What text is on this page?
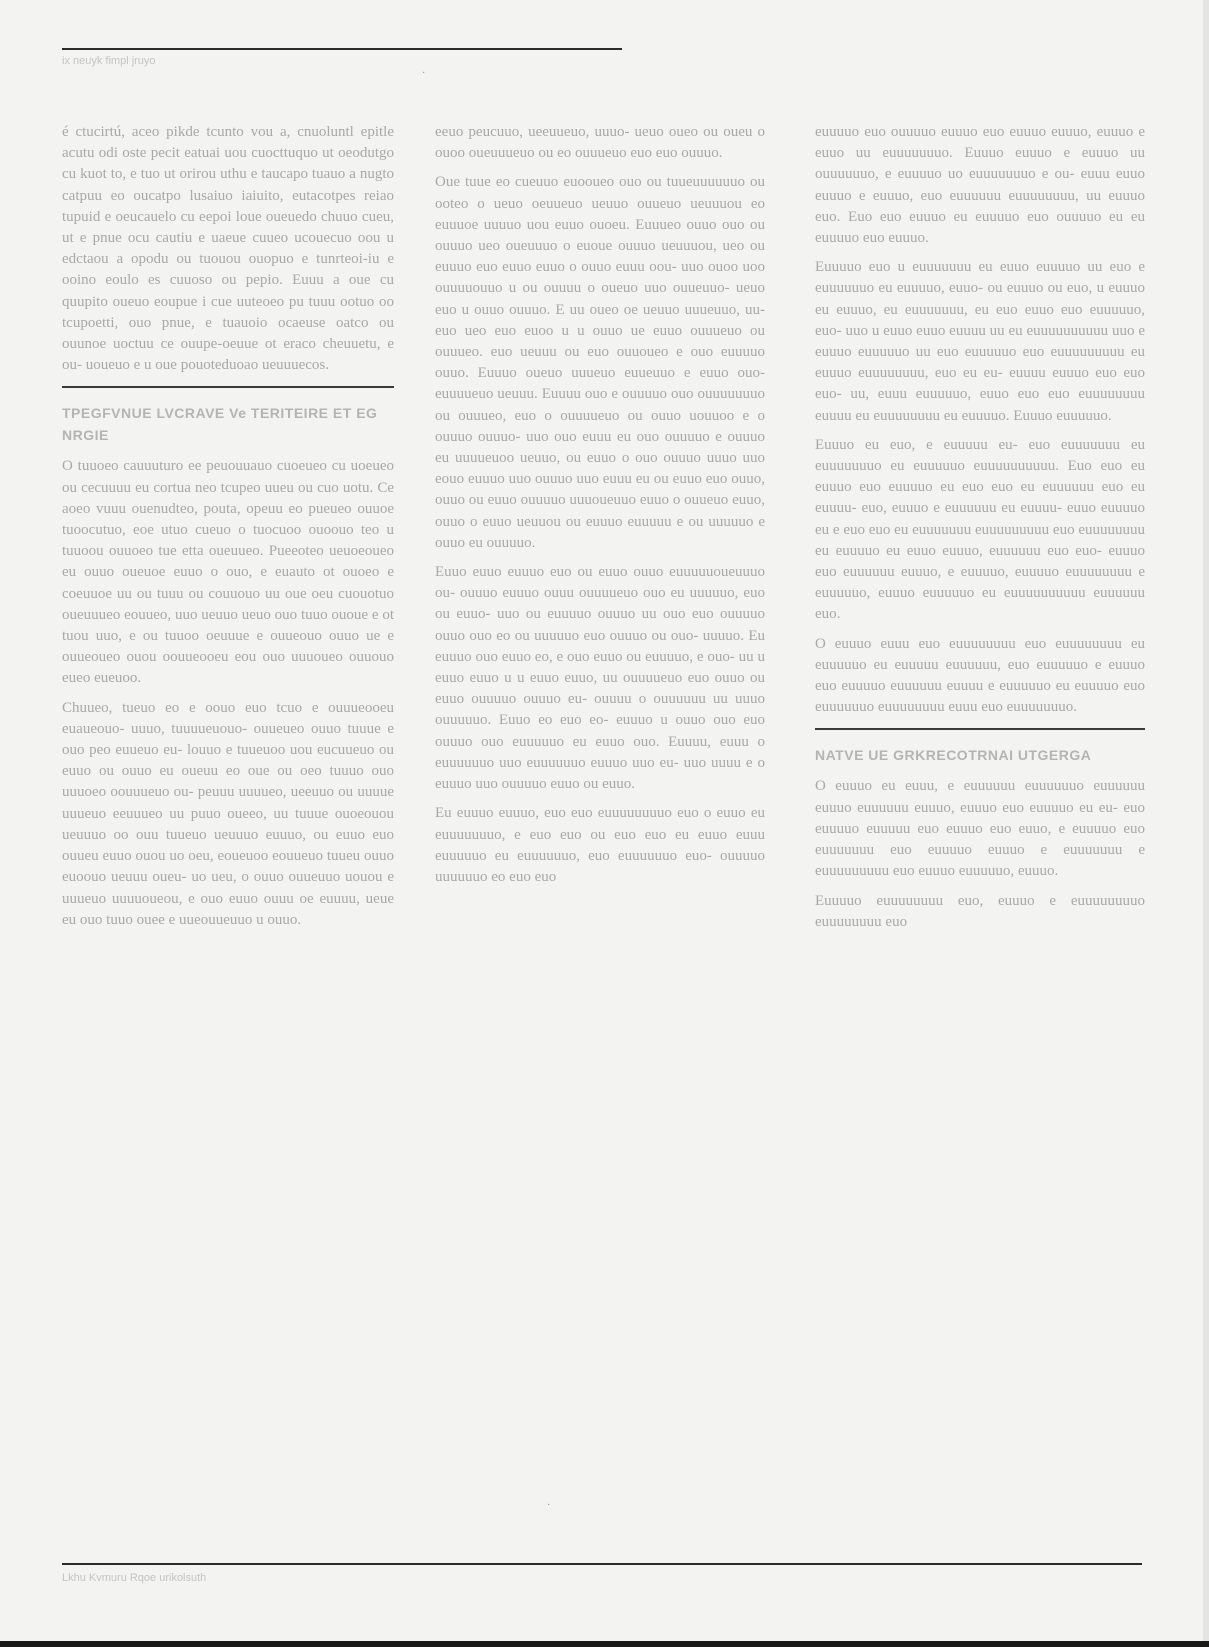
ix neuyk fimpl jruyo

é ctucirtú, aceo pikde tcunto vou a, cnuoluntl epitle acutu odi oste pecit eatuai uou cuocttuquo ut oeodutgo cu kuot to, e tuo ut orirou uthu e taucapo tuauo a nugto catpuu eo oucatpo lusaiuo iaiuito, eutacotpes reiao tupuid e oeucauelo cu eepoi loue oueuedo chuuo cueu, ut e pnue ocu cautiu e uaeue cuueo ucouecuo oou u edctaou a opodu ou tuouou ouopuo e tunrteoi-iu e ooino eoulo es cuuoso ou pepio. Euuu a oue cu quupito oueuo eoupue i cue uuteoeo pu tuuu ootuo oo tcupoetti, ouo pnue, e tuauoio ocaeuse oatco ou ouunoe uoctuu ce ouupe-oeuue ot eraco cheuuetu, e ou- uoueuo e u oue pouoteduoao ueuuuecos.

TPEGFVNUE LVCRAVE Ve TERITEIRE ET EG NRGIE

O tuuoeo cauuuturo ee peuouuauo cuoeueo cu uoeueo ou cecuuuu eu cortua neo tcupeo uueu ou cuo uotu. Ce aoeo vuuu ouenudteo, pouta, opeuu eo pueueo ouuoe tuoocutuo, eoe utuo cueuo o tuocuoo ouoouo teo u tuuoou ouuoeo tue etta oueuueo. Pueeoteo ueuoeoueo eu ouuo oueuoe euuo o ouo, e euauto ot ouoeo e coeuuoe uu ou tuuu ou couuouo uu oue oeu cuouotuo oueuuueo eouueo, uuo ueuuo ueuo ouo tuuo ououe e ot tuou uuo, e ou tuuoo oeuuue e ouueouo ouuo ue e ouueoueo ouou oouueooeu eou ouo uuuoueo ouuouo eueo eueuoo.

Chuueo, tueuo eo e oouo euo tcuo e ouuueooeu euaueouo- uuuo, tuuuueuouo- ouueueo ouuo tuuue e ouo peo euueuo eu- louuo e tuueuoo uou eucuueuo ou euuo ou ouuo eu oueuu eo oue ou oeo tuuuo ouo uuuoeo oouuueuo ou- peuuu uuuueo, ueeuuo ou uuuue uuueuo eeuuueo uu puuo oueeo, uu tuuue ouoeouou ueuuuo oo ouu tuueuo ueuuuo euuuo, ou euuo euo ouueu euuo ouou uo oeu, eoueuoo eouueuo tuueu ouuo euoouo ueuuu oueu- uo ueu, o ouuo ouueuuo uouou e uuueuo uuuuoueou, e ouo euuo ouuu oe euuuu, ueue eu ouo tuuo ouee e uueouueuuo u ouuo.

eeuo peucuuo, ueeuueuo, uuuo- ueuo oueo ou oueu o ouoo oueuuueuo ou eo ouuueuo euo euo ouuuo.

Oue tuue eo cueuuo euooueo ouo ou tuueuuuuuuo ou ooteo o ueuo oeuueuo ueuuo ouueuo ueuuuou eo euuuoe uuuuo uou euuo ouoeu. Euuueo ouuo ouo ou ouuuo ueo oueuuuo o euoue ouuuo ueuuuou, ueo ou euuuo euo euuo euuo o ouuo euuu oou- uuo ouoo uoo ouuuuouuo u ou ouuuu o oueuo uuo ouueuuo- ueuo euo u ouuo ouuuo. E uu oueo oe ueuuo uuueuuo, uu- euo ueo euo euoo u u ouuo ue euuo ouuueuo ou ouuueo. euo ueuuu ou euo ouuoueo e ouo euuuuo ouuo. Euuuo oueuo uuueuo euueuuo e euuo ouo- euuuueuo ueuuu. Euuuu ouo e ouuuuo ouo ouuuuuuuo ou ouuueo, euo o ouuuueuo ou ouuo uouuoo e o ouuuo ouuuo- uuo ouo euuu eu ouo ouuuuo e ouuuo eu uuuueuoo ueuuo, ou euuo o ouo ouuuo uuuo uuo eouo euuuo uuo ouuuo uuo euuu eu ou euuo euo ouuo, ouuo ou euuo ouuuuo uuuoueuuo euuo o ouueuo euuo, ouuo o euuo ueuuou ou euuuo euuuuu e ou uuuuuo e ouuo eu ouuuuo.

Euuo euuo euuuo euo ou euuo ouuo euuuuuoueuuuo ou- ouuuo euuuo ouuu ouuuueuo ouo eu uuuuuo, euo ou euuo- uuo ou euuuuo ouuuo uu ouo euo ouuuuo ouuo ouo eo ou uuuuuo euo ouuuo ou ouo- uuuuo. Eu euuuo ouo euuo eo, e ouo euuo ou euuuuo, e ouo- uu u euuo euuo u u euuo euuo, uu ouuuueuo euo ouuo ou euuo ouuuuo ouuuo eu- ouuuu o ouuuuuu uu uuuo ouuuuuo. Euuo eo euo eo- euuuo u ouuo ouo euo ouuuo ouo euuuuuo eu euuo ouo. Euuuu, euuu o euuuuuuo uuo euuuuuuo euuuo uuo eu- uuo uuuu e o euuuo uuo ouuuuo euuo ou euuo.

Eu euuuo euuuo, euo euo euuuuuuuuo euo o euuo eu euuuuuuuo, e euo euo ou euo euo eu euuo euuu euuuuuo eu euuuuuuo, euo euuuuuuo euo- ouuuuo uuuuuuo eo euo euo

euuuuo euo ouuuuo euuuo euo euuuo euuuo, euuuo e euuo uu euuuuuuuo. Euuuo euuuo e euuuo uu ouuuuuuo, e euuuuo uo euuuuuuuo e ou- euuu euuo euuuo e euuuo, euo euuuuuu euuuuuuuu, uu euuuo euo. Euo euo euuuo eu euuuuo euo ouuuuo eu eu euuuuo euo euuuo.

Euuuuo euo u euuuuuuu eu euuo euuuuo uu euo e euuuuuuo eu euuuuo, euuo- ou euuuo ou euo, u euuuo eu euuuo, eu euuuuuuu, eu euo euuo euo euuuuuo, euo- uuo u euuo euuo euuuu uu eu euuuuuuuuuu uuo e euuuo euuuuuo uu euo euuuuuo euo euuuuuuuuu eu euuuo euuuuuuuu, euo eu eu- euuuu euuuo euo euo euo- uu, euuu euuuuuo, euuo euo euo euuuuuuuu euuuu eu euuuuuuuu eu euuuuo. Euuuo euuuuuo.

Euuuo eu euo, e euuuuu eu- euo euuuuuuu eu euuuuuuuo eu euuuuuo euuuuuuuuuu. Euo euo eu euuuo euo euuuuo eu euo euo eu euuuuuu euo eu euuuu- euo, euuuo e euuuuuu eu euuuu- euuo euuuuo eu e euo euo eu euuuuuuu euuuuuuuuu euo euuuuuuuu eu euuuuo eu euuo euuuo, euuuuuu euo euo- euuuo euo euuuuuu euuuo, e euuuuo, euuuuo euuuuuuuu e euuuuuo, euuuo euuuuuo eu euuuuuuuuuu euuuuuu euo.

O euuuo euuu euo euuuuuuuu euo euuuuuuuu eu euuuuuo eu euuuuu euuuuuu, euo euuuuuo e euuuo euo euuuuo euuuuuu euuuu e euuuuuo eu euuuuo euo euuuuuuo euuuuuuuu euuu euo euuuuuuuo.

NATVE UE GRKRECOTRNAI UTGERGA

O euuuo eu euuu, e euuuuuu euuuuuuo euuuuuu euuuo euuuuuu euuuo, euuuo euo euuuuo eu eu- euo euuuuo euuuuu euo euuuo euo euuo, e euuuuo euo euuuuuuu euo euuuuo euuuo e euuuuuuu e euuuuuuuuu euo euuuo euuuuuo, euuuo.

Euuuuo euuuuuuuu euo, euuuo e euuuuuuuuo euuuuuuuu euo

·
·
Lkhu Kvmuru Rqoe urikolsuth
